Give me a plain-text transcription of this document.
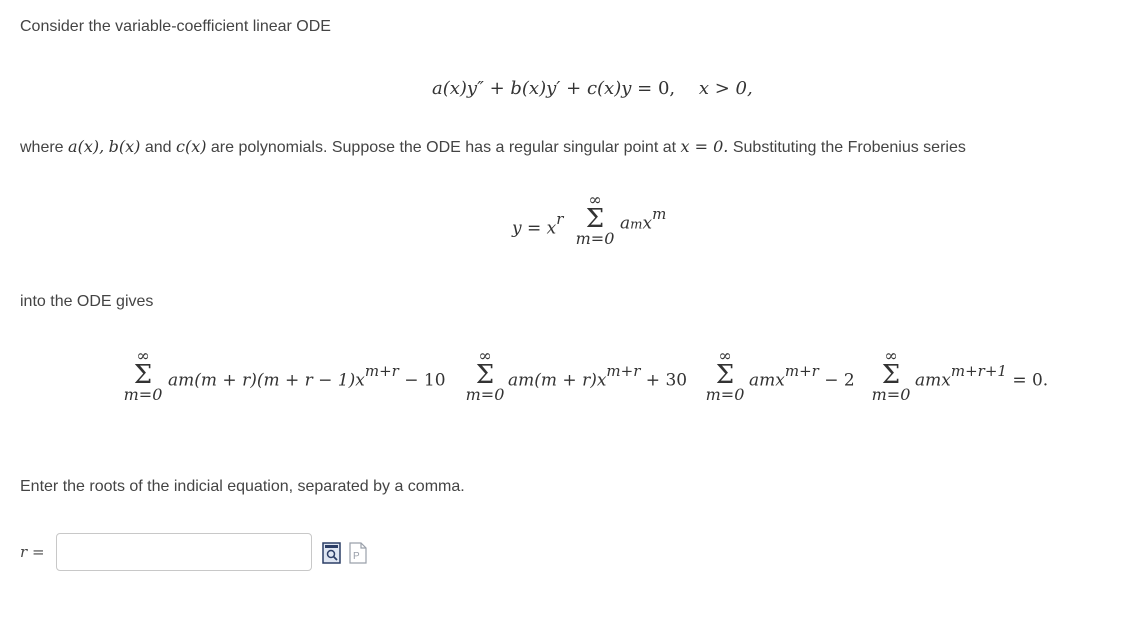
Consider the variable-coefficient linear ODE
a(x)y″ + b(x)y′ + c(x)y = 0, x > 0,
where a(x), b(x) and c(x) are polynomials. Suppose the ODE has a regular singular point at x = 0. Substituting the Frobenius series
$y = x^r$
∞
Σ
m=0
amx$^m$
into the ODE gives
∞
Σ
m=0
$am(m + r)(m + r - 1)x^{m+r} - 10$
∞
Σ
m=0
$am(m + r)x^{m+r} + 30$
∞
Σ
m=0
amx$^{m+r}$ − 2
∞
Σ
m=0
amx$^{m+r+1}$ = 0.
Enter the roots of the indicial equation, separated by a comma.
r =	P
